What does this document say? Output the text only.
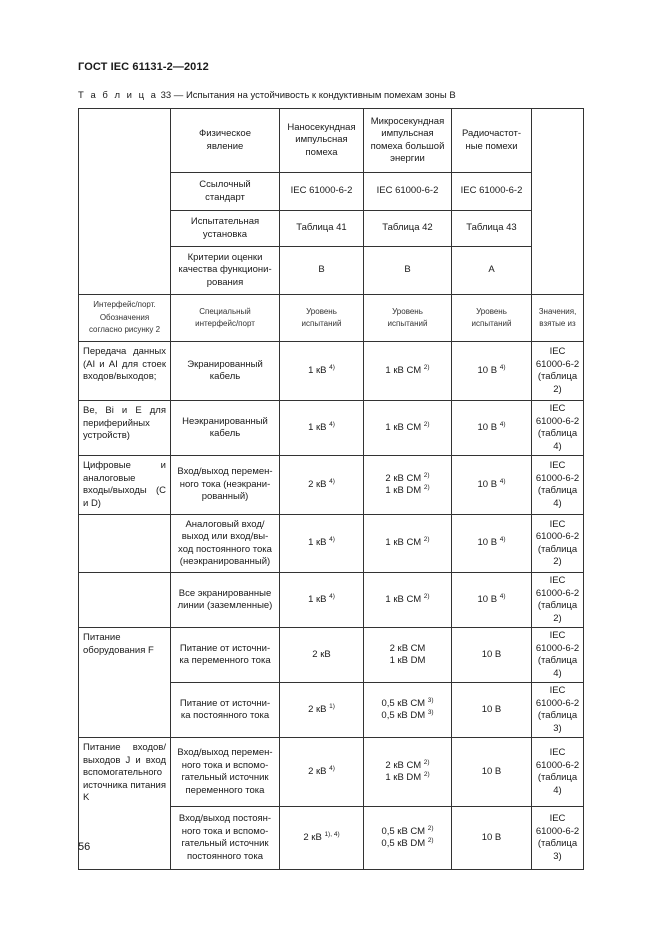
ГОСТ IEC 61131-2—2012
Т а б л и ц а 33 — Испытания на устойчивость к кондуктивным помехам зоны В

	Физическое
явление	Наносекундная
импульсная
помеха	Микросекундная
импульсная
помеха большой
энергии	Радиочастот-
ные помехи	

	Ссылочный
стандарт	IEC 61000-6-2	IEC 61000-6-2	IEC 61000-6-2	

	Испытательная
установка	Таблица 41	Таблица 42	Таблица 43	

	Критерии оценки
качества функциони-
рования	B	B	A	

Интерфейс/порт.
Обозначения
согласно рисунку 2	Специальный
интерфейс/порт	Уровень
испытаний	Уровень
испытаний	Уровень
испытаний	Значения,
взятые из

Передача данных (AI и AI для стоек входов/выходов;	Экранированный
кабель	1 кВ $^{4)}$	1 кВ СМ $^{2)}$	10 В $^{4)}$	IEC 61000-6-2
(таблица 2)

Be, Bi и E для периферийных устройств)	Неэкранированный
кабель	1 кВ $^{4)}$	1 кВ СМ $^{2)}$	10 В $^{4)}$	IEC 61000-6-2
(таблица 4)

Цифровые и аналоговые входы/выходы (C и D)	Вход/выход перемен-
ного тока (неэкрани-
рованный)	2 кВ $^{4)}$	2 кВ СМ $^{2)}$
1 кВ DM $^{2)}$	10 В $^{4)}$	IEC 61000-6-2
(таблица 4)

	Аналоговый вход/
выход или вход/вы-
ход постоянного тока
(неэкранированный)	1 кВ $^{4)}$	1 кВ СМ $^{2)}$	10 В $^{4)}$	IEC 61000-6-2
(таблица 2)

	Все экранированные
линии (заземленные)	1 кВ $^{4)}$	1 кВ СМ $^{2)}$	10 В $^{4)}$	IEC 61000-6-2
(таблица 2)

Питание оборудования F	Питание от источни-
ка переменного тока	2 кВ	2 кВ СМ
1 кВ DM	10 В	IEC 61000-6-2
(таблица 4)

	Питание от источни-
ка постоянного тока	2 кВ $^{1)}$	0,5 кВ СМ $^{3)}$
0,5 кВ DM $^{3)}$	10 В	IEC 61000-6-2
(таблица 3)

Питание входов/выходов J и вход вспомогательного источника питания K	Вход/выход перемен-
ного тока и вспомо-
гательный источник
переменного тока	2 кВ $^{4)}$	2 кВ СМ $^{2)}$
1 кВ DM $^{2)}$	10 В	IEC 61000-6-2
(таблица 4)

	Вход/выход постоян-
ного тока и вспомо-
гательный источник
постоянного тока	2 кВ $^{1), 4)}$	0,5 кВ СМ $^{2)}$
0,5 кВ DM $^{2)}$	10 В	IEC 61000-6-2
(таблица 3)
56
